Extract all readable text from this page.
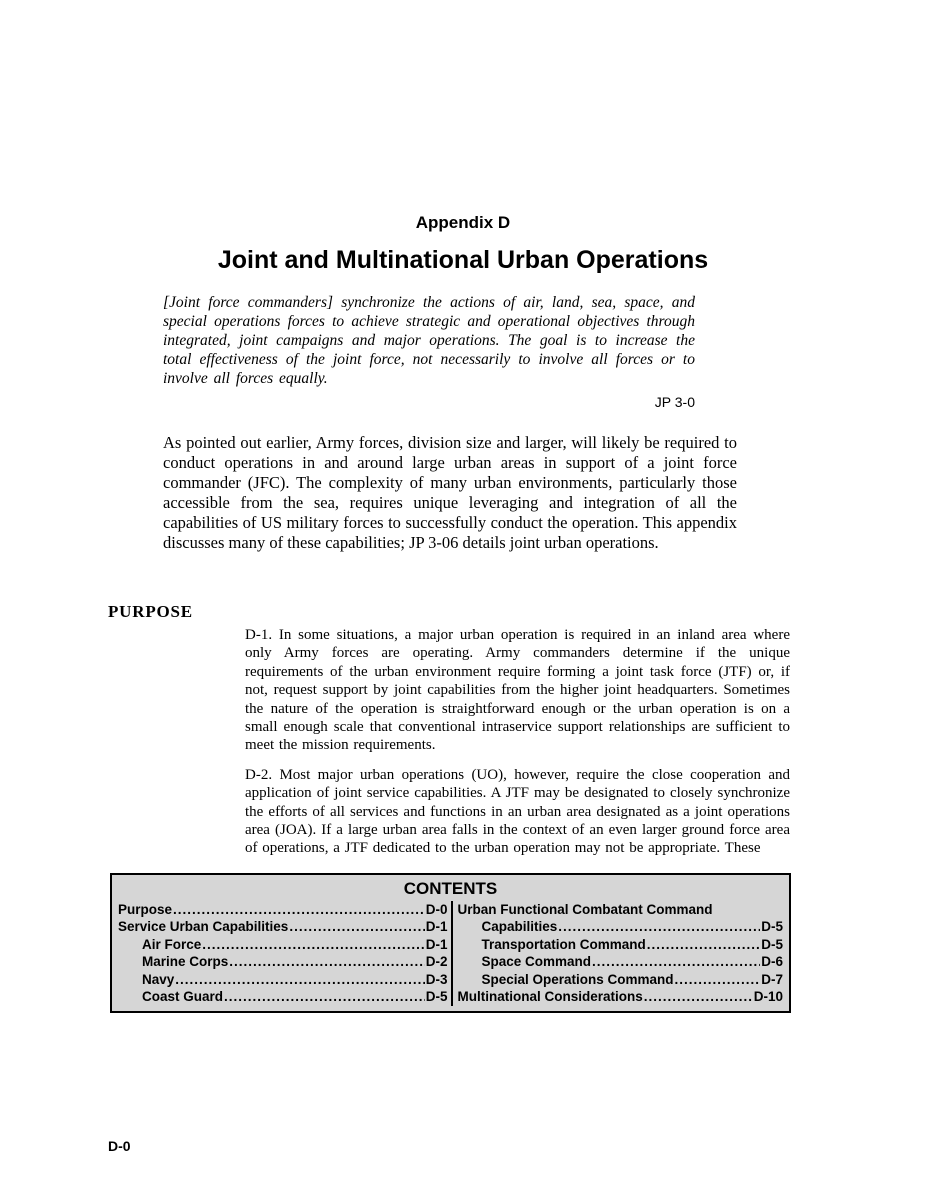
Appendix D
Joint and Multinational Urban Operations
[Joint force commanders] synchronize the actions of air, land, sea, space, and special operations forces to achieve strategic and operational objectives through integrated, joint campaigns and major operations. The goal is to increase the total effectiveness of the joint force, not necessarily to involve all forces or to involve all forces equally.
JP 3-0

As pointed out earlier, Army forces, division size and larger, will likely be required to conduct operations in and around large urban areas in support of a joint force commander (JFC). The complexity of many urban environments, particularly those accessible from the sea, requires unique leveraging and integration of all the capabilities of US military forces to successfully conduct the operation. This appendix discusses many of these capabilities; JP 3-06 details joint urban operations.

PURPOSE

D-1. In some situations, a major urban operation is required in an inland area where only Army forces are operating. Army commanders determine if the unique requirements of the urban environment require forming a joint task force (JTF) or, if not, request support by joint capabilities from the higher joint headquarters. Sometimes the nature of the operation is straightforward enough or the urban operation is on a small enough scale that conventional intraservice support relationships are sufficient to meet the mission requirements.

D-2. Most major urban operations (UO), however, require the close cooperation and application of joint service capabilities. A JTF may be designated to closely synchronize the efforts of all services and functions in an urban area designated as a joint operations area (JOA). If a large urban area falls in the context of an even larger ground force area of operations, a JTF dedicated to the urban operation may not be appropriate. These

CONTENTS
Purpose .....	D-0
Service Urban Capabilities .....	D-1
Air Force .....	D-1
Marine Corps .....	D-2
Navy .....	D-3
Coast Guard .....	D-5
Urban Functional Combatant Command
Capabilities .....	D-5
Transportation Command .....	D-5
Space Command .....	D-6
Special Operations Command .....	D-7
Multinational Considerations .....	D-10
D-0
